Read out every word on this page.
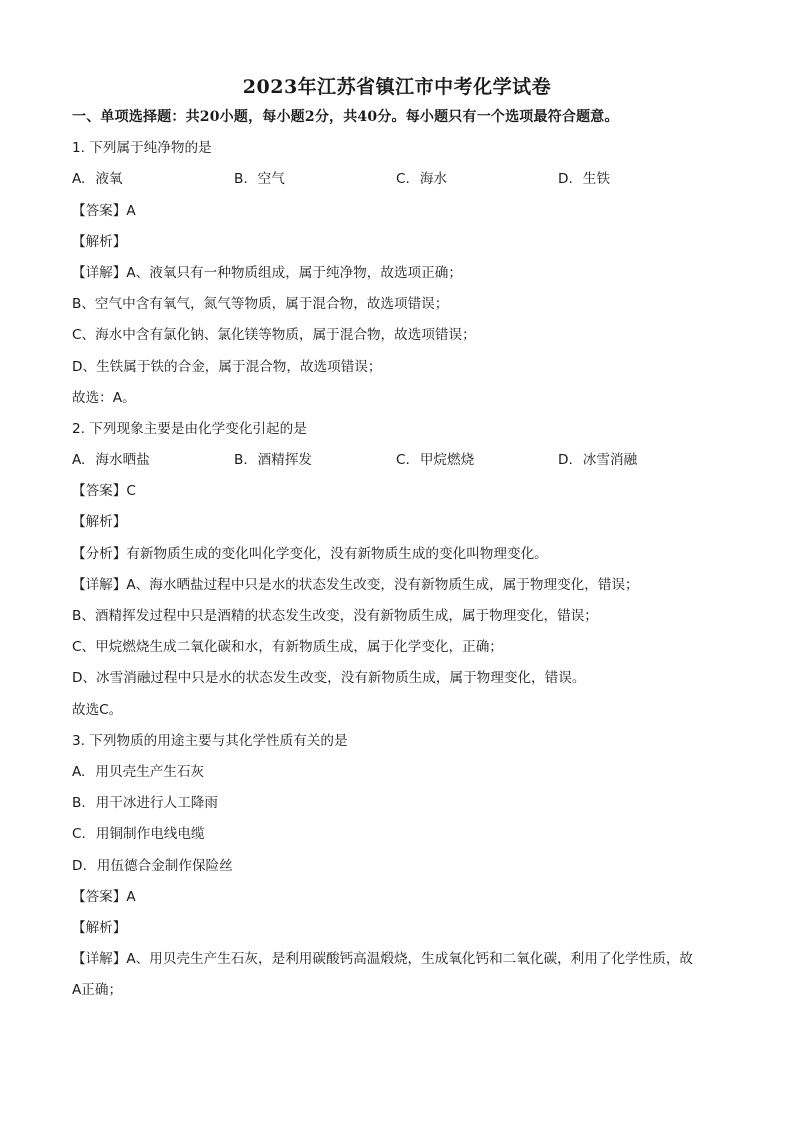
2023年江苏省镇江市中考化学试卷
一、单项选择题：共20小题，每小题2分，共40分。每小题只有一个选项最符合题意。
1. 下列属于纯净物的是
A. 液氧	B. 空气	C. 海水	D. 生铁
【答案】A
【解析】
【详解】A、液氧只有一种物质组成，属于纯净物，故选项正确；
B、空气中含有氧气，氮气等物质，属于混合物，故选项错误；
C、海水中含有氯化钠、氯化镁等物质，属于混合物，故选项错误；
D、生铁属于铁的合金，属于混合物，故选项错误；
故选：A。
2. 下列现象主要是由化学变化引起的是
A. 海水晒盐	B. 酒精挥发	C. 甲烷燃烧	D. 冰雪消融
【答案】C
【解析】
【分析】有新物质生成的变化叫化学变化，没有新物质生成的变化叫物理变化。
【详解】A、海水晒盐过程中只是水的状态发生改变，没有新物质生成，属于物理变化，错误；
B、酒精挥发过程中只是酒精的状态发生改变，没有新物质生成，属于物理变化，错误；
C、甲烷燃烧生成二氧化碳和水，有新物质生成，属于化学变化，正确；
D、冰雪消融过程中只是水的状态发生改变，没有新物质生成，属于物理变化，错误。
故选C。
3. 下列物质的用途主要与其化学性质有关的是
A. 用贝壳生产生石灰
B. 用干冰进行人工降雨
C. 用铜制作电线电缆
D. 用伍德合金制作保险丝
【答案】A
【解析】
【详解】A、用贝壳生产生石灰，是利用碳酸钙高温煅烧，生成氧化钙和二氧化碳，利用了化学性质，故
A正确；
